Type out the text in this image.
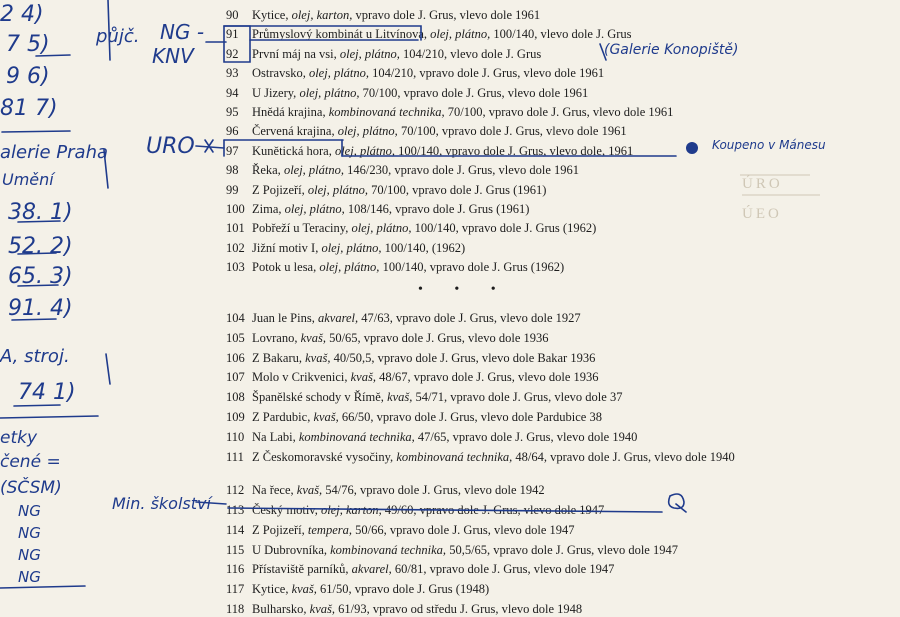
90 Kytice, olej, karton, vpravo dole J. Grus, vlevo dole 1961
91 Průmyslový kombinát u Litvínova, olej, plátno, 100/140, vlevo dole J. Grus
92 První máj na vsi, olej, plátno, 104/210, vlevo dole J. Grus
93 Ostravsko, olej, plátno, 104/210, vpravo dole J. Grus, vlevo dole 1961
94 U Jizery, olej, plátno, 70/100, vpravo dole J. Grus, vlevo dole 1961
95 Hnědá krajina, kombinovaná technika, 70/100, vpravo dole J. Grus, vlevo dole 1961
96 Červená krajina, olej, plátno, 70/100, vpravo dole J. Grus, vlevo dole 1961
97 Kunětická hora, olej, plátno, 100/140, vpravo dole J. Grus, vlevo dole, 1961
98 Řeka, olej, plátno, 146/230, vpravo dole J. Grus, vlevo dole 1961
99 Z Pojizeří, olej, plátno, 70/100, vpravo dole J. Grus (1961)
100 Zima, olej, plátno, 108/146, vpravo dole J. Grus (1961)
101 Pobřeží u Teraciny, olej, plátno, 100/140, vpravo dole J. Grus (1962)
102 Jižní motiv I, olej, plátno, 100/140, (1962)
103 Potok u lesa, olej, plátno, 100/140, vpravo dole J. Grus (1962)
• • •
104 Juan le Pins, akvarel, 47/63, vpravo dole J. Grus, vlevo dole 1927
105 Lovrano, kvaš, 50/65, vpravo dole J. Grus, vlevo dole 1936
106 Z Bakaru, kvaš, 40/50,5, vpravo dole J. Grus, vlevo dole Bakar 1936
107 Molo v Crikvenici, kvaš, 48/67, vpravo dole J. Grus, vlevo dole 1936
108 Španělské schody v Římě, kvaš, 54/71, vpravo dole J. Grus, vlevo dole 37
109 Z Pardubic, kvaš, 66/50, vpravo dole J. Grus, vlevo dole Pardubice 38
110 Na Labi, kombinovaná technika, 47/65, vpravo dole J. Grus, vlevo dole 1940
111 Z Českomoravské vysočiny, kombinovaná technika, 48/64, vpravo dole J. Grus, vlevo dole 1940
112 Na řece, kvaš, 54/76, vpravo dole J. Grus, vlevo dole 1942
113 Český motiv, olej, karton, 49/60, vpravo dole J. Grus, vlevo dole 1947
114 Z Pojizeří, tempera, 50/66, vpravo dole J. Grus, vlevo dole 1947
115 U Dubrovníka, kombinovaná technika, 50,5/65, vpravo dole J. Grus, vlevo dole 1947
116 Přístaviště parníků, akvarel, 60/81, vpravo dole J. Grus, vlevo dole 1947
117 Kytice, kvaš, 61/50, vpravo dole J. Grus (1948)
118 Bulharsko, kvaš, 61/93, vpravo od středu J. Grus, vlevo dole 1948
2 4)
7 5)
9 6)
81 7)
alerie Praha
Umění
38. 1)
52. 2)
65. 3)
91. 4)
A, stroj.
74 1)
etky
čené =
(SČSM)
NG
NG
NG
NG
půjč. NG -
KNV	(Galerie Konopiště)
URO	Koupeno v Mánesu
Min. školství
ÚRO
ÚEO
